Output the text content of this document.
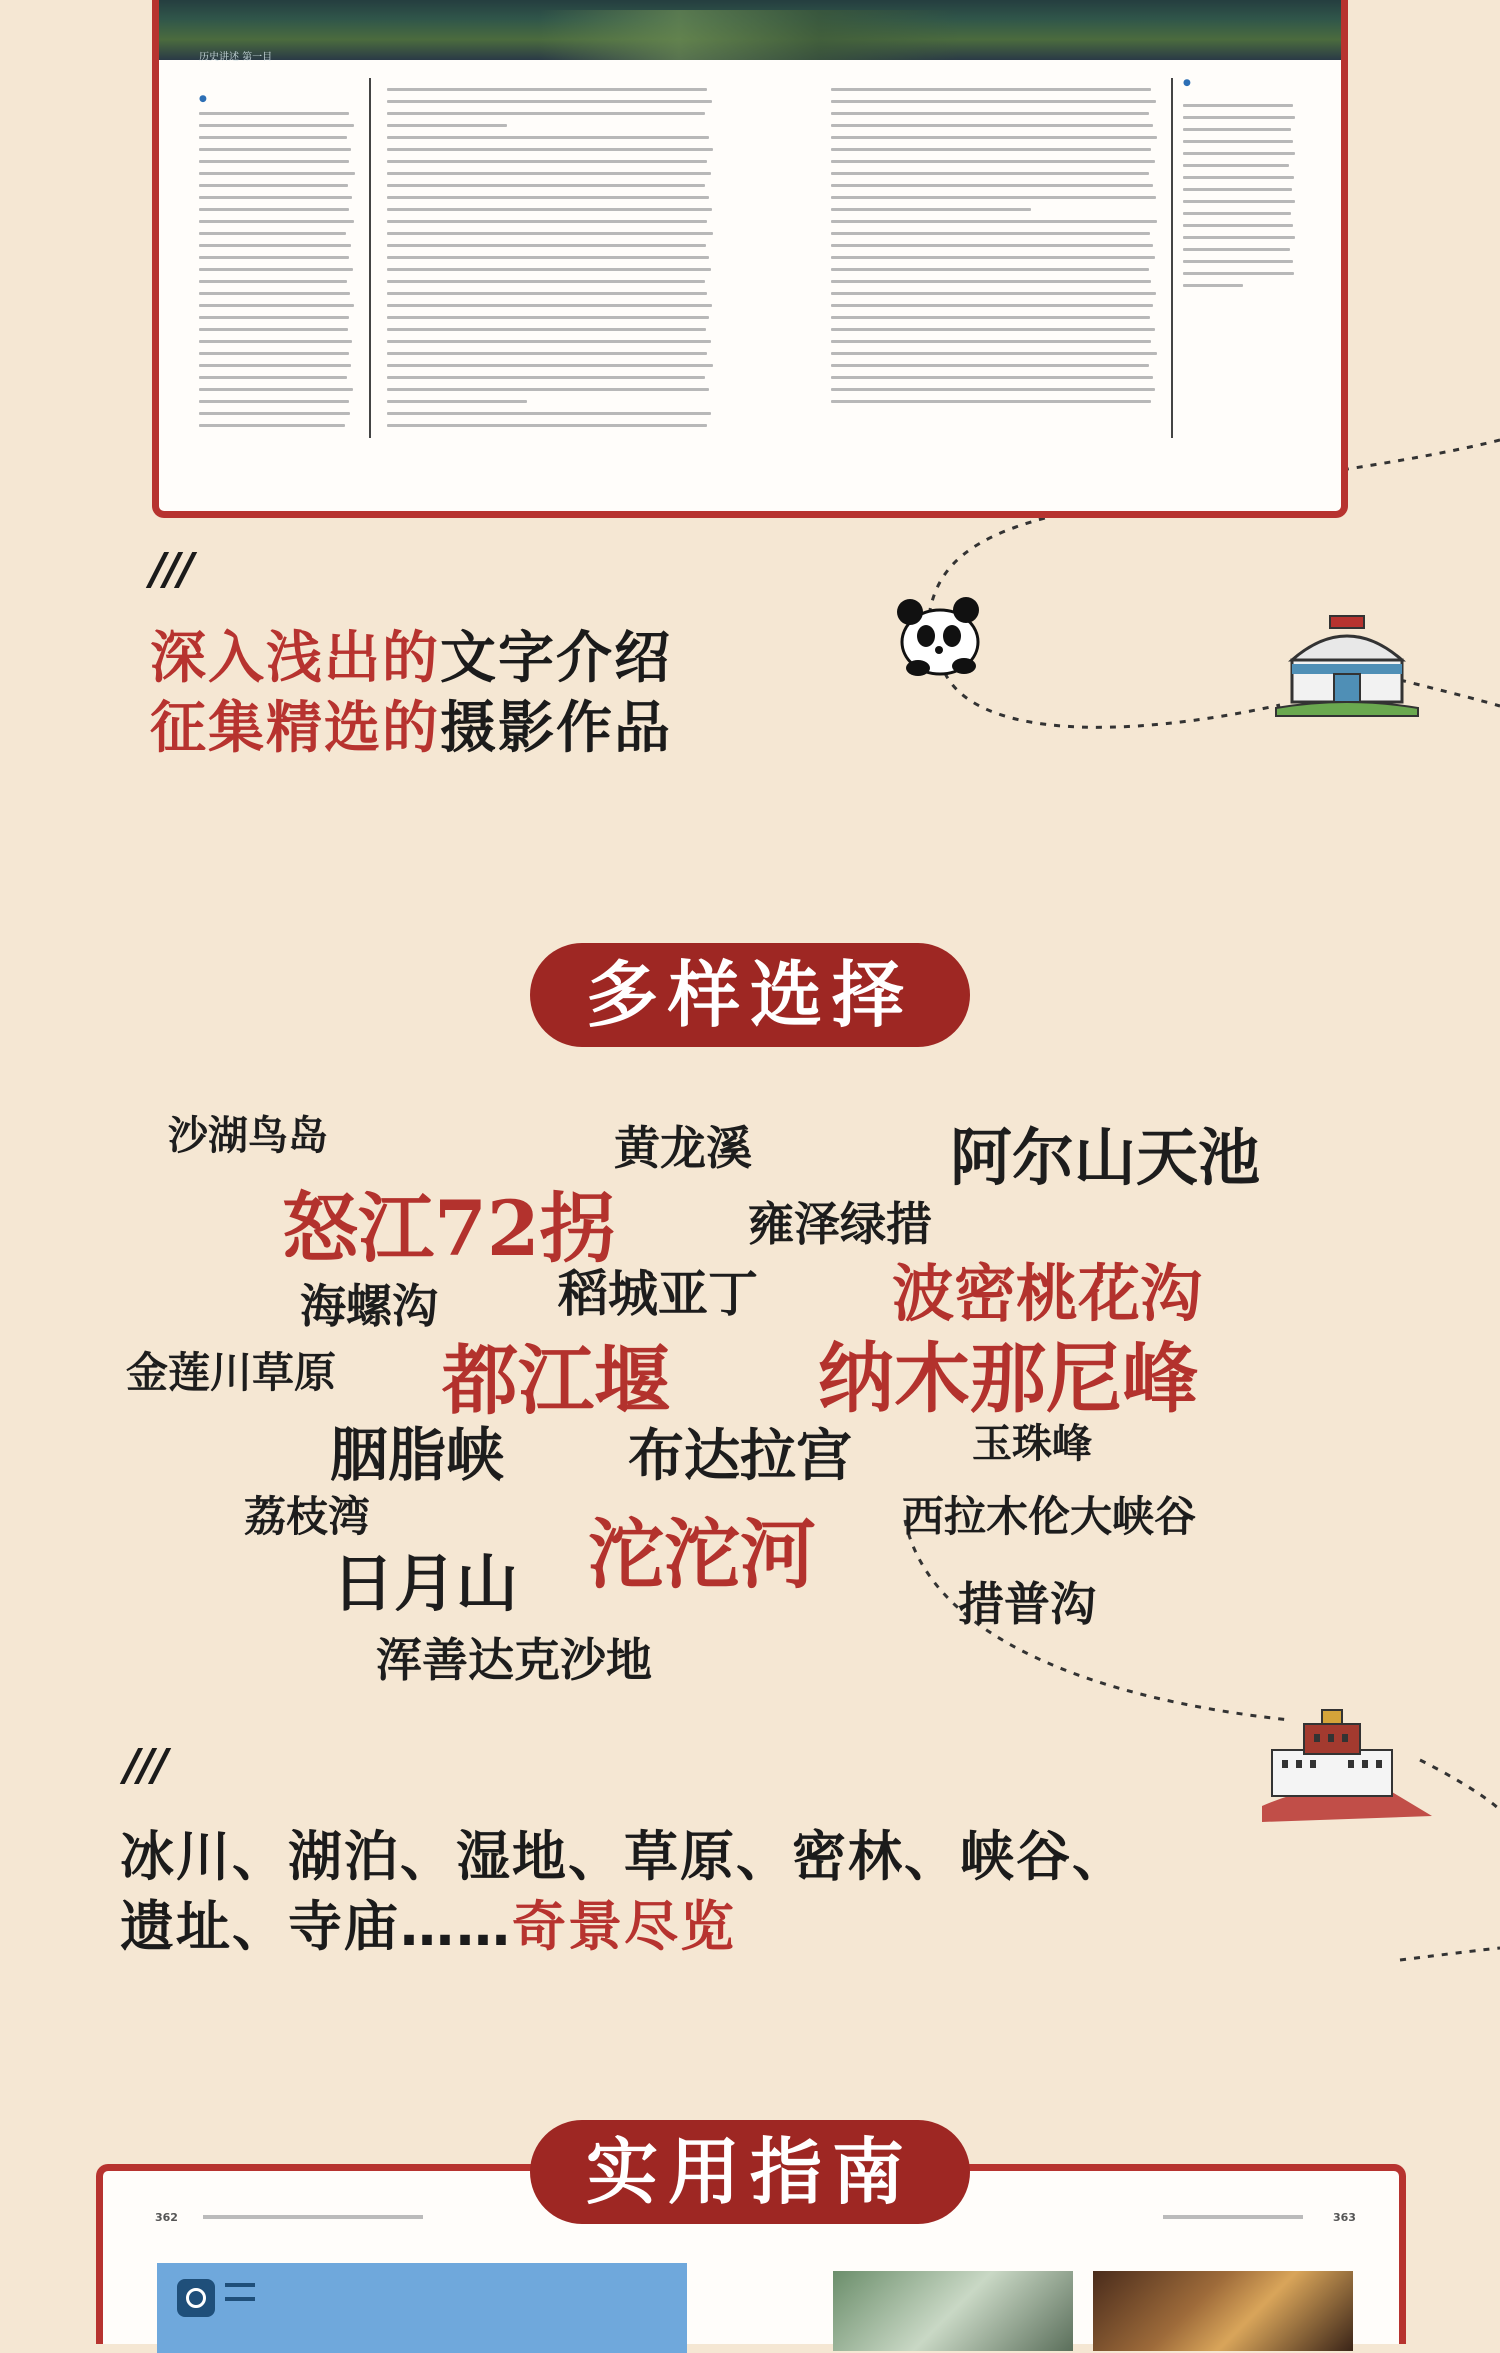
历史讲述 第一目
●
●
///
深入浅出的文字介绍
征集精选的摄影作品
多样选择
沙湖鸟岛	黄龙溪	阿尔山天池
怒江72拐	雍泽绿措
海螺沟 稻城亚丁 波密桃花沟
金莲川草原 都江堰 纳木那尼峰
胭脂峡 布达拉宫	玉珠峰
荔枝湾	西拉木伦大峡谷
日月山 沱沱河
措普沟
浑善达克沙地
///
冰川、湖泊、湿地、草原、密林、峡谷、
遗址、寺庙……奇景尽览
362	363
实用指南
